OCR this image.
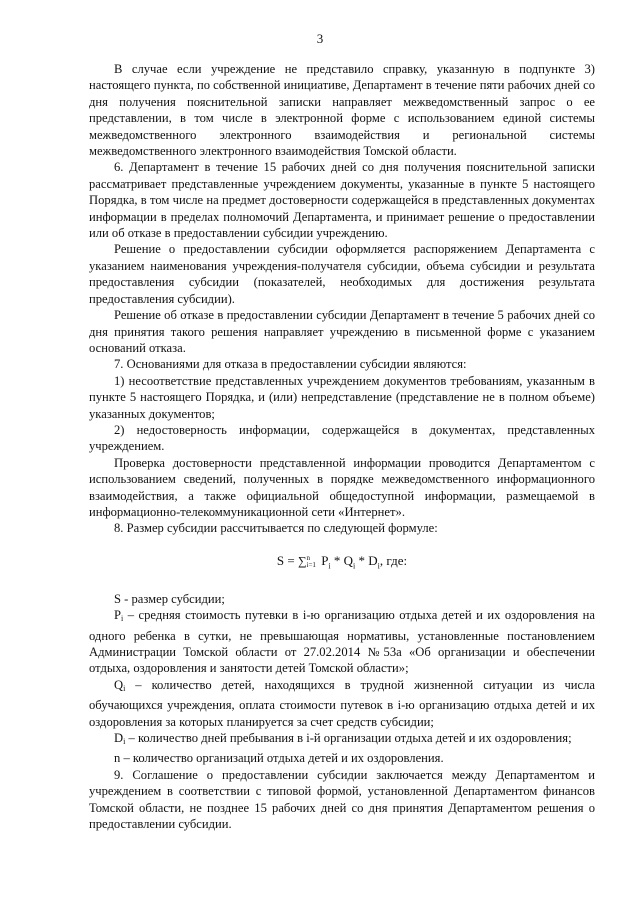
3

В случае если учреждение не представило справку, указанную в подпункте 3) настоящего пункта, по собственной инициативе, Департамент в течение пяти рабочих дней со дня получения пояснительной записки направляет межведомственный запрос о ее представлении, в том числе в электронной форме с использованием единой системы межведомственного электронного взаимодействия и региональной системы межведомственного электронного взаимодействия Томской области.

6. Департамент в течение 15 рабочих дней со дня получения пояснительной записки рассматривает представленные учреждением документы, указанные в пункте 5 настоящего Порядка, в том числе на предмет достоверности содержащейся в представленных документах информации в пределах полномочий Департамента, и принимает решение о предоставлении или об отказе в предоставлении субсидии учреждению.

Решение о предоставлении субсидии оформляется распоряжением Департамента с указанием наименования учреждения-получателя субсидии, объема субсидии и результата предоставления субсидии (показателей, необходимых для достижения результата предоставления субсидии).

Решение об отказе в предоставлении субсидии Департамент в течение 5 рабочих дней со дня принятия такого решения направляет учреждению в письменной форме с указанием оснований отказа.

7. Основаниями для отказа в предоставлении субсидии являются:

1) несоответствие представленных учреждением документов требованиям, указанным в пункте 5 настоящего Порядка, и (или) непредставление (представление не в полном объеме) указанных документов;

2) недостоверность информации, содержащейся в документах, представленных учреждением.

Проверка достоверности представленной информации проводится Департаментом с использованием сведений, полученных в порядке межведомственного информационного взаимодействия, а также официальной общедоступной информации, размещаемой в информационно-телекоммуникационной сети «Интернет».

8. Размер субсидии рассчитывается по следующей формуле:

S = ∑n
i=1 $P_i * Q_i * D_i$, где:

S - размер субсидии;

Pi – средняя стоимость путевки в i-ю организацию отдыха детей и их оздоровления на одного ребенка в сутки, не превышающая нормативы, установленные постановлением Администрации Томской области от 27.02.2014 №53а «Об организации и обеспечении отдыха, оздоровления и занятости детей Томской области»;

Qi – количество детей, находящихся в трудной жизненной ситуации из числа обучающихся учреждения, оплата стоимости путевок в i-ю организацию отдыха детей и их оздоровления за которых планируется за счет средств субсидии;

Di – количество дней пребывания в i-й организации отдыха детей и их оздоровления;

n – количество организаций отдыха детей и их оздоровления.

9. Соглашение о предоставлении субсидии заключается между Департаментом и учреждением в соответствии с типовой формой, установленной Департаментом финансов Томской области, не позднее 15 рабочих дней со дня принятия Департаментом решения о предоставлении субсидии.
